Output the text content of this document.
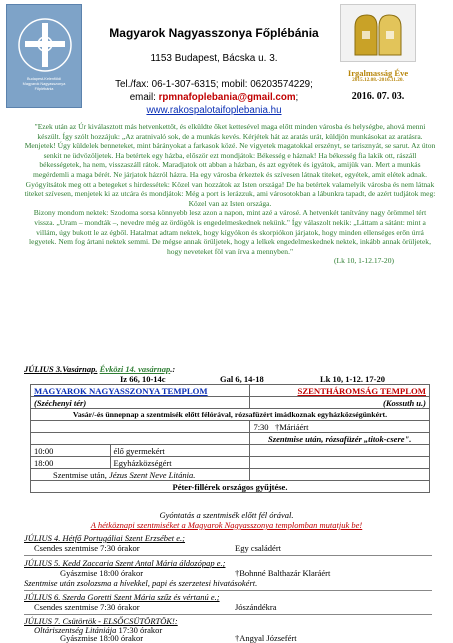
Budapest-Kelenföldi
Magyarok Nagyasszonya
Főplébánia
Magyarok Nagyasszonya Főplébánia
1153 Budapest, Bácska u. 3.
Tel./fax: 06-1-307-6315; mobil: 06203574229;
email: rpmnafoplebania@gmail.com;
www.rakospalotaifoplebania.hu
Irgalmasság Éve
2015.12.08.-2016.11.20.
2016. 07. 03.

"Ezek után az Úr kiválasztott más hetvenkettőt, és elküldte őket kettesével maga előtt minden városba és helységbe, ahová menni készült. Így szólt hozzájuk: „Az aratnivaló sok, de a munkás kevés. Kérjétek hát az aratás urát, küldjön munkásokat az aratásra. Menjetek! Úgy küldelek benneteket, mint bárányokat a farkasok közé. Ne vigyetek magatokkal erszényt, se tarisznyát, se sarut. Az úton senkit ne üdvözöljetek. Ha betértek egy házba, először ezt mondjátok: Békesség e háznak! Ha békesség fia lakik ott, rászáll békességetek, ha nem, visszaszáll rátok. Maradjatok ott abban a házban, és azt egyétek és igyátok, amijük van. Mert a munkás megérdemli a maga bérét. Ne járjatok házról házra. Ha egy városba érkeztek és szívesen látnak titeket, egyétek, amit elétek adnak. Gyógyítsátok meg ott a betegeket s hirdessétek: Közel van hozzátok az Isten országa! De ha betértek valamelyik városba és nem látnak titeket szívesen, menjetek ki az utcára és mondjátok: Még a port is lerázzuk, ami városotokban a lábunkra tapadt, de azért tudjátok meg: Közel van az Isten országa.

Bizony mondom nektek: Szodoma sorsa könnyebb lesz azon a napon, mint azé a városé. A hetvenkét tanítvány nagy örömmel tért vissza. „Uram – mondták –, nevedre még az ördögök is engedelmeskednek nekünk." Így válaszolt nekik: „Láttam a sátánt: mint a villám, úgy bukott le az égből. Hatalmat adtam nektek, hogy kígyókon és skorpiókon járjatok, hogy minden ellenséges erőn úrrá legyetek. Nem fog ártani nektek semmi. De mégse annak örüljetek, hogy a lelkek engedelmeskednek nektek, inkább annak örüljetek, hogy neveteket föl van írva a mennyben."

(Lk 10, 1-12.17-20)

JÚLIUS 3.Vasárnap. Évközi 14. vasárnap.:
Iz 66, 10-14c	Gal 6, 14-18	Lk 10, 1-12. 17-20
MAGYAROK NAGYASSZONYA TEMPLOM		SZENTHÁROMSÁG TEMPLOM
(Széchenyi tér)		(Kossuth u.)
Vasár/-és ünnepnap a szentmisék előtt félórával, rózsafüzért imádkoznak egyházközségünkért.		
		7:30 †Máriáért
		Szentmise után, rózsafüzér „titok-csere".
10:00	élő gyermekért	
18:00	Egyházközségért	
Szentmise után, Jézus Szent Neve Litánia.		
Péter-fillérek országos gyűjtése.		
Gyóntatás a szentmisék előtt fél órával.
A hétköznapi szentmiséket a Magyarok Nagyasszonya templomban mutatjuk be!
JÚLIUS 4. Hétfő Portugáliai Szent Erzsébet e.;
Csendes szentmise 7:30 órakor	Egy családért
JÚLIUS 5. Kedd Zaccaria Szent Antal Mária áldozópap e.;
Gyászmise 18:00 órakor	†Bohnné Balthazár Klaráért
Szentmise után zsolozsma a hívekkel, papi és szerzetesi hivatásokért.
JÚLIUS 6. Szerda Goretti Szent Mária szűz és vértanú e.;
Csendes szentmise 7:30 órakor	Jószándékra
JÚLIUS 7. Csütörtök - ELSŐCSÜTÖRTÖK!:
Oltáriszentség Litániája 17:30 órakor
Gyászmise 18:00 órakor	†Angyal Józsefért
